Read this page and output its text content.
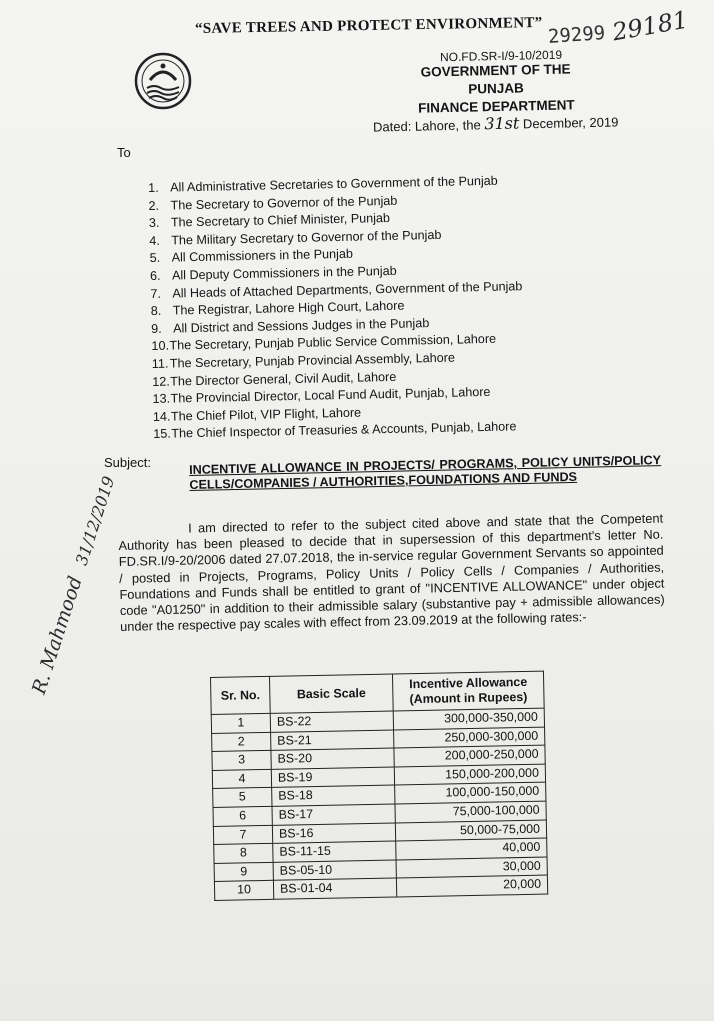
“SAVE TREES AND PROTECT ENVIRONMENT” 29299 29181
NO.FD.SR-I/9-10/2019
GOVERNMENT OF THE PUNJAB
FINANCE DEPARTMENT
Dated: Lahore, the 31st December, 2019
To
1. All Administrative Secretaries to Government of the Punjab
2. The Secretary to Governor of the Punjab
3. The Secretary to Chief Minister, Punjab
4. The Military Secretary to Governor of the Punjab
5. All Commissioners in the Punjab
6. All Deputy Commissioners in the Punjab
7. All Heads of Attached Departments, Government of the Punjab
8. The Registrar, Lahore High Court, Lahore
9. All District and Sessions Judges in the Punjab
10.The Secretary, Punjab Public Service Commission, Lahore
11.The Secretary, Punjab Provincial Assembly, Lahore
12.The Director General, Civil Audit, Lahore
13.The Provincial Director, Local Fund Audit, Punjab, Lahore
14.The Chief Pilot, VIP Flight, Lahore
15.The Chief Inspector of Treasuries & Accounts, Punjab, Lahore
Subject:	INCENTIVE ALLOWANCE IN PROJECTS/ PROGRAMS, POLICY UNITS/POLICY CELLS/COMPANIES / AUTHORITIES,FOUNDATIONS AND FUNDS
I am directed to refer to the subject cited above and state that the Competent Authority has been pleased to decide that in supersession of this department's letter No. FD.SR.I/9-20/2006 dated 27.07.2018, the in-service regular Government Servants so appointed / posted in Projects, Programs, Policy Units / Policy Cells / Companies / Authorities, Foundations and Funds shall be entitled to grant of "INCENTIVE ALLOWANCE" under object code "A01250" in addition to their admissible salary (substantive pay + admissible allowances) under the respective pay scales with effect from 23.09.2019 at the following rates:-
R. Mahmood 31/12/2019
Sr. No.	Basic Scale	Incentive Allowance (Amount in Rupees)
1	BS-22	300,000-350,000
2	BS-21	250,000-300,000
3	BS-20	200,000-250,000
4	BS-19	150,000-200,000
5	BS-18	100,000-150,000
6	BS-17	75,000-100,000
7	BS-16	50,000-75,000
8	BS-11-15	40,000
9	BS-05-10	30,000
10	BS-01-04	20,000
